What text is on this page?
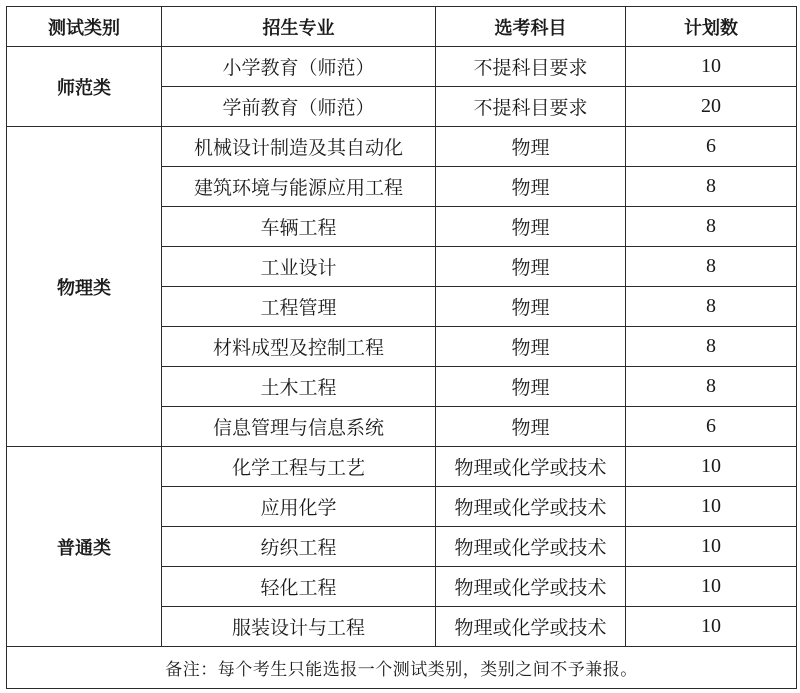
测试类别	招生专业	选考科目	计划数
师范类	小学教育（师范）	不提科目要求	10
	学前教育（师范）	不提科目要求	20
物理类	机械设计制造及其自动化	物理	6
	建筑环境与能源应用工程	物理	8
	车辆工程	物理	8
	工业设计	物理	8
	工程管理	物理	8
	材料成型及控制工程	物理	8
	土木工程	物理	8
	信息管理与信息系统	物理	6
普通类	化学工程与工艺	物理或化学或技术	10
	应用化学	物理或化学或技术	10
	纺织工程	物理或化学或技术	10
	轻化工程	物理或化学或技术	10
	服装设计与工程	物理或化学或技术	10
备注：每个考生只能选报一个测试类别，类别之间不予兼报。			
